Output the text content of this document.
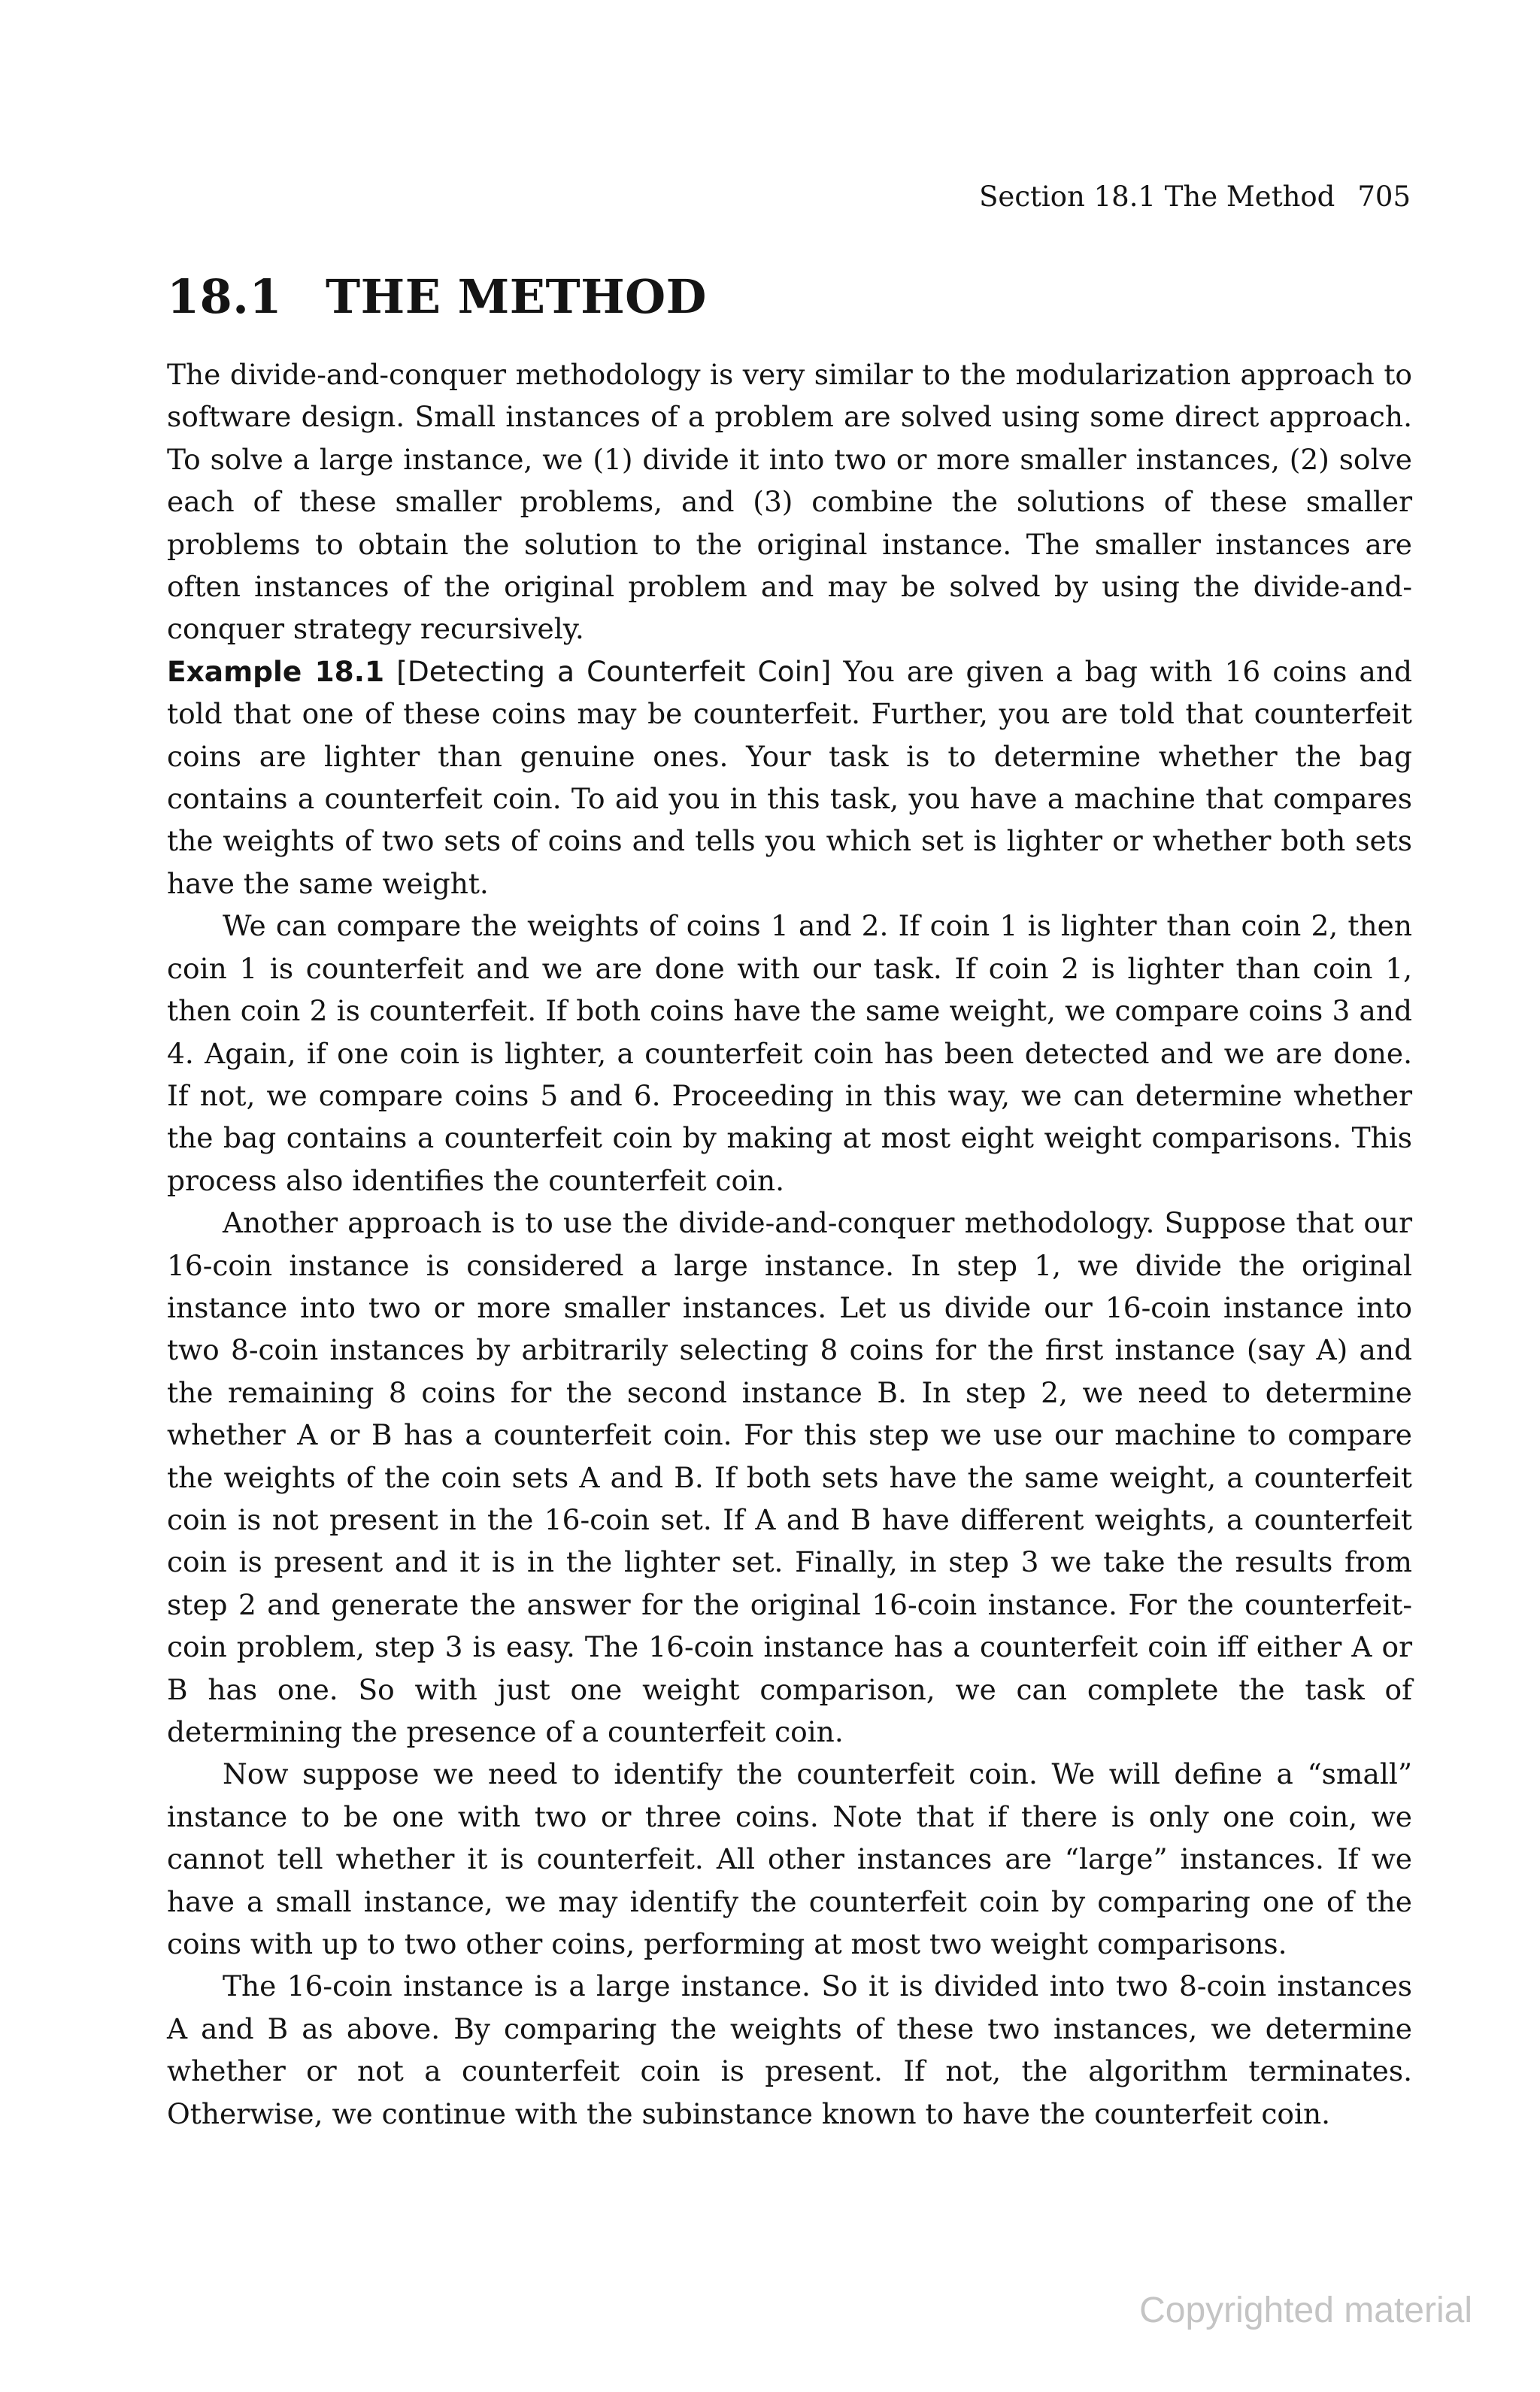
Section 18.1 The Method 705
18.1 THE METHOD

The divide-and-conquer methodology is very similar to the modularization approach to software design. Small instances of a problem are solved using some direct approach. To solve a large instance, we (1) divide it into two or more smaller instances, (2) solve each of these smaller problems, and (3) combine the solutions of these smaller problems to obtain the solution to the original instance. The smaller instances are often instances of the original problem and may be solved by using the divide-and-conquer strategy recursively.

Example 18.1 [Detecting a Counterfeit Coin] You are given a bag with 16 coins and told that one of these coins may be counterfeit. Further, you are told that counterfeit coins are lighter than genuine ones. Your task is to determine whether the bag contains a counterfeit coin. To aid you in this task, you have a machine that compares the weights of two sets of coins and tells you which set is lighter or whether both sets have the same weight.

We can compare the weights of coins 1 and 2. If coin 1 is lighter than coin 2, then coin 1 is counterfeit and we are done with our task. If coin 2 is lighter than coin 1, then coin 2 is counterfeit. If both coins have the same weight, we compare coins 3 and 4. Again, if one coin is lighter, a counterfeit coin has been detected and we are done. If not, we compare coins 5 and 6. Proceeding in this way, we can determine whether the bag contains a counterfeit coin by making at most eight weight comparisons. This process also identifies the counterfeit coin.

Another approach is to use the divide-and-conquer methodology. Suppose that our 16-coin instance is considered a large instance. In step 1, we divide the original instance into two or more smaller instances. Let us divide our 16-coin instance into two 8-coin instances by arbitrarily selecting 8 coins for the first instance (say A) and the remaining 8 coins for the second instance B. In step 2, we need to determine whether A or B has a counterfeit coin. For this step we use our machine to compare the weights of the coin sets A and B. If both sets have the same weight, a counterfeit coin is not present in the 16-coin set. If A and B have different weights, a counterfeit coin is present and it is in the lighter set. Finally, in step 3 we take the results from step 2 and generate the answer for the original 16-coin instance. For the counterfeit-coin problem, step 3 is easy. The 16-coin instance has a counterfeit coin iff either A or B has one. So with just one weight comparison, we can complete the task of determining the presence of a counterfeit coin.

Now suppose we need to identify the counterfeit coin. We will define a “small” instance to be one with two or three coins. Note that if there is only one coin, we cannot tell whether it is counterfeit. All other instances are “large” instances. If we have a small instance, we may identify the counterfeit coin by comparing one of the coins with up to two other coins, performing at most two weight comparisons.

The 16-coin instance is a large instance. So it is divided into two 8-coin instances A and B as above. By comparing the weights of these two instances, we determine whether or not a counterfeit coin is present. If not, the algorithm terminates. Otherwise, we continue with the subinstance known to have the counterfeit coin.

Copyrighted material
